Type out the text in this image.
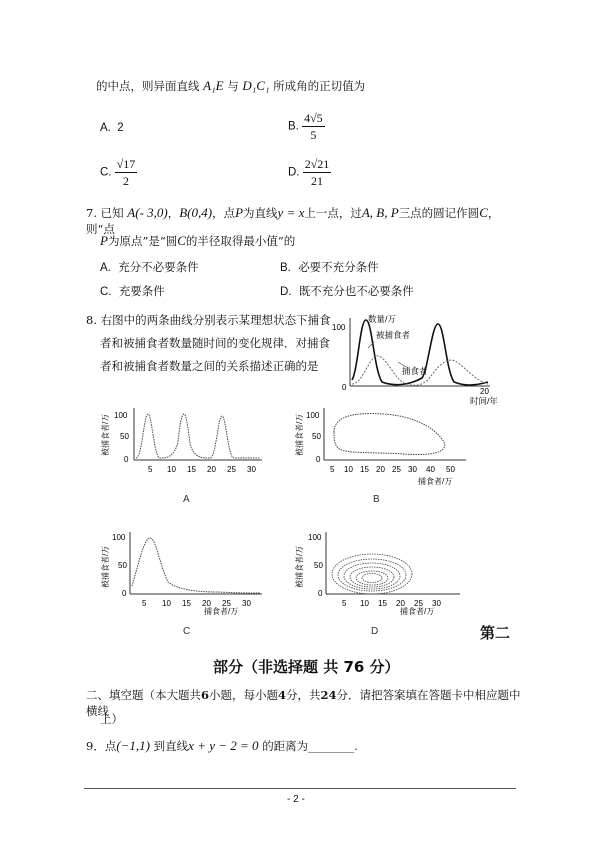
的中点，则异面直线 A₁E 与 D₁C₁ 所成角的正切值为
A. 2	B. $\frac{4√5}{5}$
C. $\frac{√17}{2}$	D. $\frac{2√21}{21}$
7. 已知 A(- 3,0)，B(0,4)，点P为直线y = x上一点，过A, B, P三点的圆记作圆C，则“点
P为原点”是“圆C的半径取得最小值”的
A. 充分不必要条件	B. 必要不充分条件
C. 充要条件	D. 既不充分也不必要条件
8. 右图中的两条曲线分别表示某理想状态下捕食
者和被捕食者数量随时间的变化规律．对捕食
者和被捕食者数量之间的关系描述正确的是
100
0
数量/万
被捕食者
捕食者
20
时间/年
被捕食者/万 100
50
0
5 10 15 20 25 30
A
被捕食者/万 100
50
0
5 10 15 20 25 30 40 50
捕食者/万
B
被捕食者/万
100
50
0
5 10 15 20 25 30
捕食者/万
C
被捕食者/万
100
50
0
5 10 15 20 25 30
捕食者/万
D	第二
部分（非选择题 共 76 分）
二、填空题（本大题共6小题，每小题4分，共24分．请把答案填在答题卡中相应题中横线
上）
9．点(−1,1) 到直线x + y − 2 = 0 的距离为________.
- 2 -
